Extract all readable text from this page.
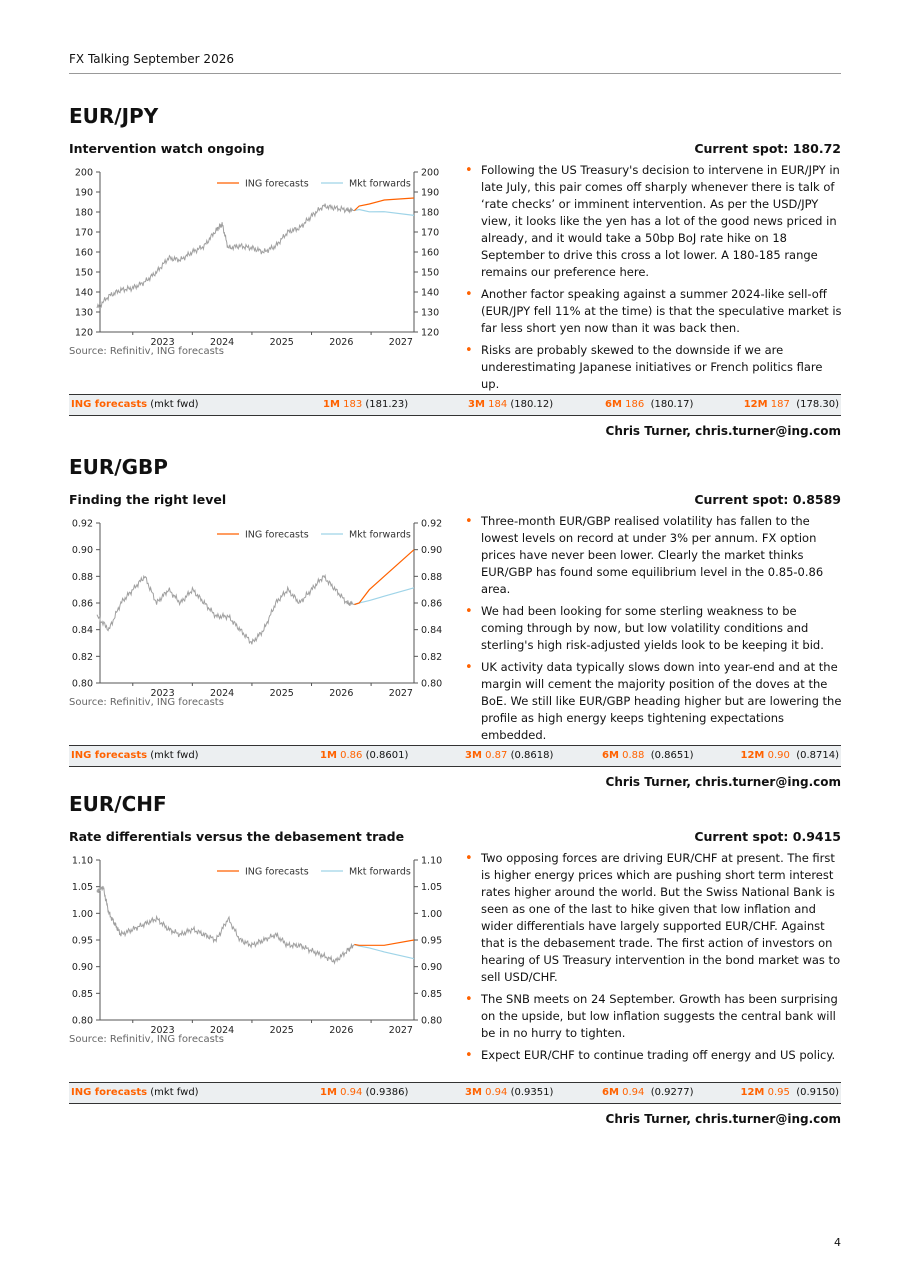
FX Talking September 2026
EUR/JPY
Intervention watch ongoing	Current spot: 180.72
200	200
190	190
180	180
170	170
160	160
150	150
140	140
130	130
120	120
2023	2024	2025	2026	2027
ING forecasts	Mkt forwards
Source: Refinitiv, ING forecasts
• Following the US Treasury's decision to intervene in EUR/JPY in late July, this pair comes off sharply whenever there is talk of ‘rate checks’ or imminent intervention. As per the USD/JPY view, it looks like the yen has a lot of the good news priced in already, and it would take a 50bp BoJ rate hike on 18 September to drive this cross a lot lower. A 180-185 range remains our preference here.
• Another factor speaking against a summer 2024-like sell-off (EUR/JPY fell 11% at the time) is that the speculative market is far less short yen now than it was back then.
• Risks are probably skewed to the downside if we are underestimating Japanese initiatives or French politics flare up.
ING forecasts (mkt fwd)	1M 183 (181.23)	3M 184 (180.12)	6M 186 (180.17)	12M 187 (178.30)
Chris Turner, chris.turner@ing.com
EUR/GBP
Finding the right level	Current spot: 0.8589
0.92	0.92
0.90	0.90
0.88	0.88
0.86	0.86
0.84	0.84
0.82	0.82
0.80	0.80
2023	2024	2025	2026	2027
ING forecasts	Mkt forwards
Source: Refinitiv, ING forecasts
• Three-month EUR/GBP realised volatility has fallen to the lowest levels on record at under 3% per annum. FX option prices have never been lower. Clearly the market thinks EUR/GBP has found some equilibrium level in the 0.85-0.86 area.
• We had been looking for some sterling weakness to be coming through by now, but low volatility conditions and sterling's high risk-adjusted yields look to be keeping it bid.
• UK activity data typically slows down into year-end and at the margin will cement the majority position of the doves at the BoE. We still like EUR/GBP heading higher but are lowering the profile as high energy keeps tightening expectations embedded.
ING forecasts (mkt fwd)	1M 0.86 (0.8601)	3M 0.87 (0.8618)	6M 0.88 (0.8651)	12M 0.90 (0.8714)
Chris Turner, chris.turner@ing.com
EUR/CHF
Rate differentials versus the debasement trade	Current spot: 0.9415
1.10	1.10
1.05	1.05
1.00	1.00
0.95	0.95
0.90	0.90
0.85	0.85
0.80	0.80
2023	2024	2025	2026	2027
ING forecasts	Mkt forwards
Source: Refinitiv, ING forecasts
• Two opposing forces are driving EUR/CHF at present. The first is higher energy prices which are pushing short term interest rates higher around the world. But the Swiss National Bank is seen as one of the last to hike given that low inflation and wider differentials have largely supported EUR/CHF. Against that is the debasement trade. The first action of investors on hearing of US Treasury intervention in the bond market was to sell USD/CHF.
• The SNB meets on 24 September. Growth has been surprising on the upside, but low inflation suggests the central bank will be in no hurry to tighten.
• Expect EUR/CHF to continue trading off energy and US policy.
ING forecasts (mkt fwd)	1M 0.94 (0.9386)	3M 0.94 (0.9351)	6M 0.94 (0.9277)	12M 0.95 (0.9150)
Chris Turner, chris.turner@ing.com
4
